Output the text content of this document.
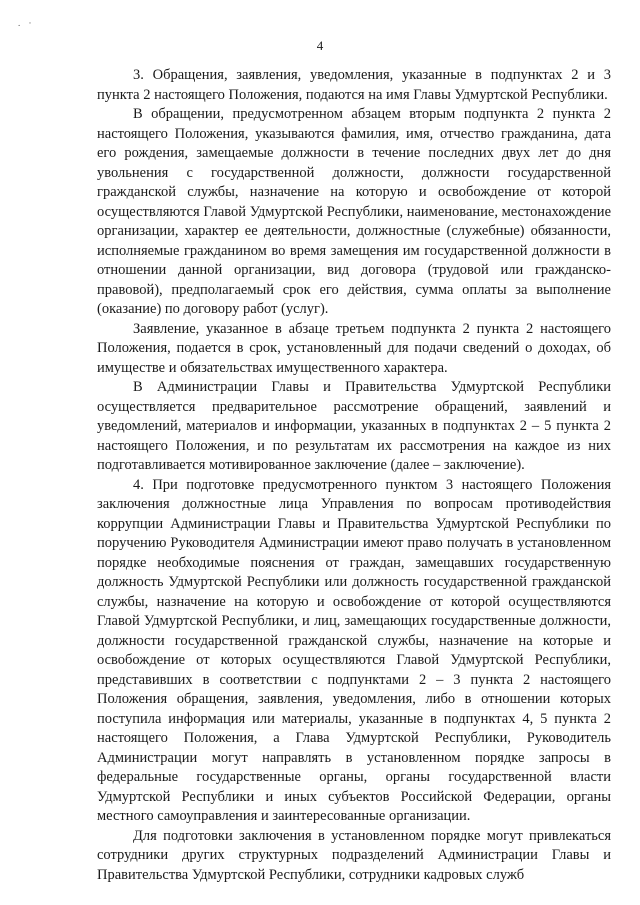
. ·
4

3. Обращения, заявления, уведомления, указанные в подпунктах 2 и 3 пункта 2 настоящего Положения, подаются на имя Главы Удмуртской Республики.

В обращении, предусмотренном абзацем вторым подпункта 2 пункта 2 настоящего Положения, указываются фамилия, имя, отчество гражданина, дата его рождения, замещаемые должности в течение последних двух лет до дня увольнения с государственной должности, должности государственной гражданской службы, назначение на которую и освобождение от которой осуществляются Главой Удмуртской Республики, наименование, местонахождение организации, характер ее деятельности, должностные (служебные) обязанности, исполняемые гражданином во время замещения им государственной должности в отношении данной организации, вид договора (трудовой или гражданско-правовой), предполагаемый срок его действия, сумма оплаты за выполнение (оказание) по договору работ (услуг).

Заявление, указанное в абзаце третьем подпункта 2 пункта 2 настоящего Положения, подается в срок, установленный для подачи сведений о доходах, об имуществе и обязательствах имущественного характера.

В Администрации Главы и Правительства Удмуртской Республики осуществляется предварительное рассмотрение обращений, заявлений и уведомлений, материалов и информации, указанных в подпунктах 2 – 5 пункта 2 настоящего Положения, и по результатам их рассмотрения на каждое из них подготавливается мотивированное заключение (далее – заключение).

4. При подготовке предусмотренного пунктом 3 настоящего Положения заключения должностные лица Управления по вопросам противодействия коррупции Администрации Главы и Правительства Удмуртской Республики по поручению Руководителя Администрации имеют право получать в установленном порядке необходимые пояснения от граждан, замещавших государственную должность Удмуртской Республики или должность государственной гражданской службы, назначение на которую и освобождение от которой осуществляются Главой Удмуртской Республики, и лиц, замещающих государственные должности, должности государственной гражданской службы, назначение на которые и освобождение от которых осуществляются Главой Удмуртской Республики, представивших в соответствии с подпунктами 2 – 3 пункта 2 настоящего Положения обращения, заявления, уведомления, либо в отношении которых поступила информация или материалы, указанные в подпунктах 4, 5 пункта 2 настоящего Положения, а Глава Удмуртской Республики, Руководитель Администрации могут направлять в установленном порядке запросы в федеральные государственные органы, органы государственной власти Удмуртской Республики и иных субъектов Российской Федерации, органы местного самоуправления и заинтересованные организации.

Для подготовки заключения в установленном порядке могут привлекаться сотрудники других структурных подразделений Администрации Главы и Правительства Удмуртской Республики, сотрудники кадровых служб
